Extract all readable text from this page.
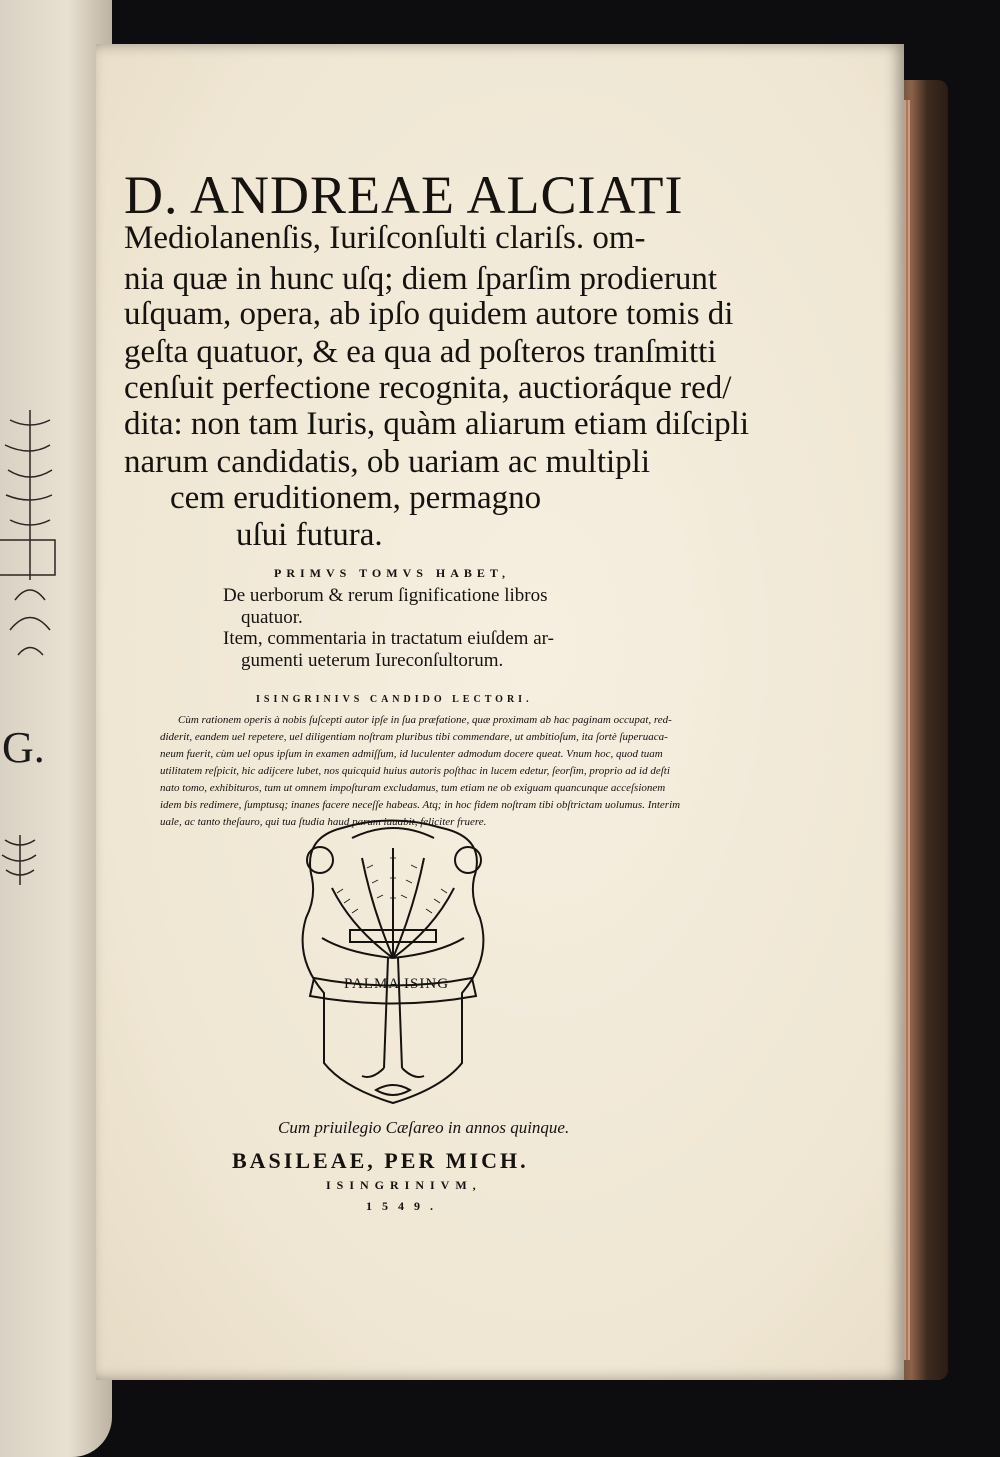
G.
D. ANDREAE ALCIATI
Mediolanenſis, Iuriſconſulti clariſs. om-
nia quæ in hunc uſq; diem ſparſim prodierunt
uſquam, opera, ab ipſo quidem autore tomis di
geſta quatuor, & ea qua ad poſteros tranſmitti
cenſuit perfectione recognita, auctioráque red/
dita: non tam Iuris, quàm aliarum etiam diſcipli
narum candidatis, ob uariam ac multipli
cem eruditionem, permagno
uſui futura.
PRIMVS TOMVS HABET,
De uerborum & rerum ſignificatione libros
quatuor.
Item, commentaria in tractatum eiuſdem ar-
gumenti ueterum Iureconſultorum.
ISINGRINIVS CANDIDO LECTORI.
Cùm rationem operis à nobis ſuſcepti autor ipſe in ſua præfatione, quæ proximam ab hac paginam occupat, red-
diderit, eandem uel repetere, uel diligentiam noſtram pluribus tibi commendare, ut ambitioſum, ita ſortè ſuperuaca-
neum fuerit, cùm uel opus ipſum in examen admiſſum, id luculenter admodum docere queat. Vnum hoc, quod tuam
utilitatem reſpicit, hic adijcere lubet, nos quicquid huius autoris poſthac in lucem edetur, ſeorſim, proprio ad id deſti
nato tomo, exhibituros, tum ut omnem impoſturam excludamus, tum etiam ne ob exiguam quancunque acceſsionem
idem bis redimere, ſumptusq; inanes facere neceſſe habeas. Atq; in hoc fidem noſtram tibi obſtrictam uolumus. Interim
uale, ac tanto theſauro, qui tua ſtudia haud parum iuuabit, feliciter fruere.
PALMA ISING
Cum priuilegio Cæſareo in annos quinque.
BASILEAE, PER MICH.
ISINGRINIVM,
1549.
